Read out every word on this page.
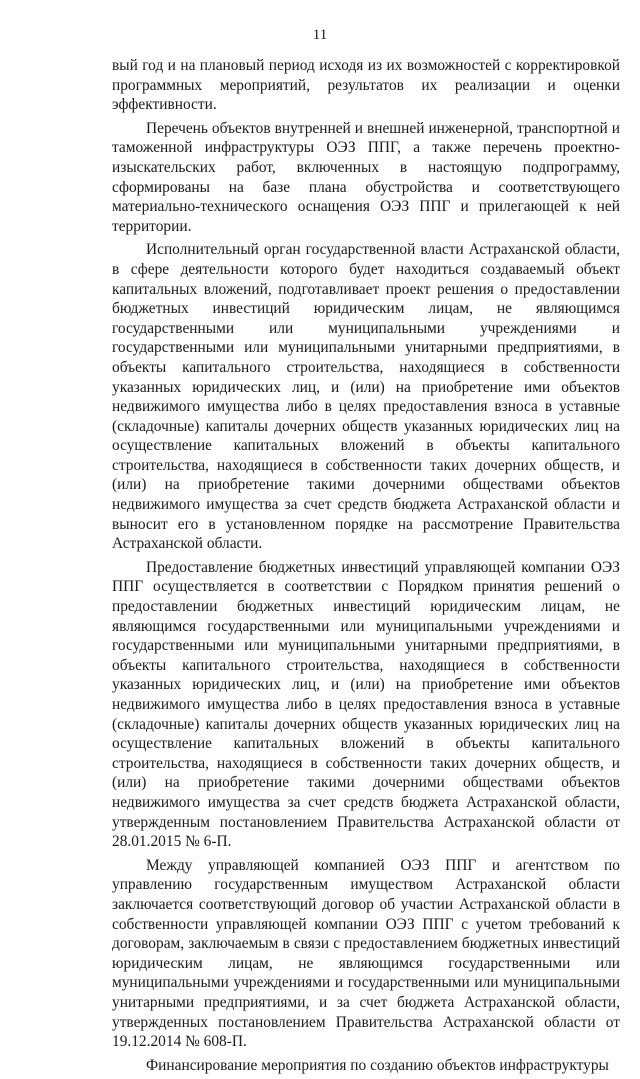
11

вый год и на плановый период исходя из их возможностей с корректировкой программных мероприятий, результатов их реализации и оценки эффективности.

Перечень объектов внутренней и внешней инженерной, транспортной и таможенной инфраструктуры ОЭЗ ППГ, а также перечень проектно-изыскательских работ, включенных в настоящую подпрограмму, сформированы на базе плана обустройства и соответствующего материально-технического оснащения ОЭЗ ППГ и прилегающей к ней территории.

Исполнительный орган государственной власти Астраханской области, в сфере деятельности которого будет находиться создаваемый объект капитальных вложений, подготавливает проект решения о предоставлении бюджетных инвестиций юридическим лицам, не являющимся государственными или муниципальными учреждениями и государственными или муниципальными унитарными предприятиями, в объекты капитального строительства, находящиеся в собственности указанных юридических лиц, и (или) на приобретение ими объектов недвижимого имущества либо в целях предоставления взноса в уставные (складочные) капиталы дочерних обществ указанных юридических лиц на осуществление капитальных вложений в объекты капитального строительства, находящиеся в собственности таких дочерних обществ, и (или) на приобретение такими дочерними обществами объектов недвижимого имущества за счет средств бюджета Астраханской области и выносит его в установленном порядке на рассмотрение Правительства Астраханской области.

Предоставление бюджетных инвестиций управляющей компании ОЭЗ ППГ осуществляется в соответствии с Порядком принятия решений о предоставлении бюджетных инвестиций юридическим лицам, не являющимся государственными или муниципальными учреждениями и государственными или муниципальными унитарными предприятиями, в объекты капитального строительства, находящиеся в собственности указанных юридических лиц, и (или) на приобретение ими объектов недвижимого имущества либо в целях предоставления взноса в уставные (складочные) капиталы дочерних обществ указанных юридических лиц на осуществление капитальных вложений в объекты капитального строительства, находящиеся в собственности таких дочерних обществ, и (или) на приобретение такими дочерними обществами объектов недвижимого имущества за счет средств бюджета Астраханской области, утвержденным постановлением Правительства Астраханской области от 28.01.2015 № 6-П.

Между управляющей компанией ОЭЗ ППГ и агентством по управлению государственным имуществом Астраханской области заключается соответствующий договор об участии Астраханской области в собственности управляющей компании ОЭЗ ППГ с учетом требований к договорам, заключаемым в связи с предоставлением бюджетных инвестиций юридическим лицам, не являющимся государственными или муниципальными учреждениями и государственными или муниципальными унитарными предприятиями, и за счет бюджета Астраханской области, утвержденных постановлением Правительства Астраханской области от 19.12.2014 № 608-П.

Финансирование мероприятия по созданию объектов инфраструктуры
